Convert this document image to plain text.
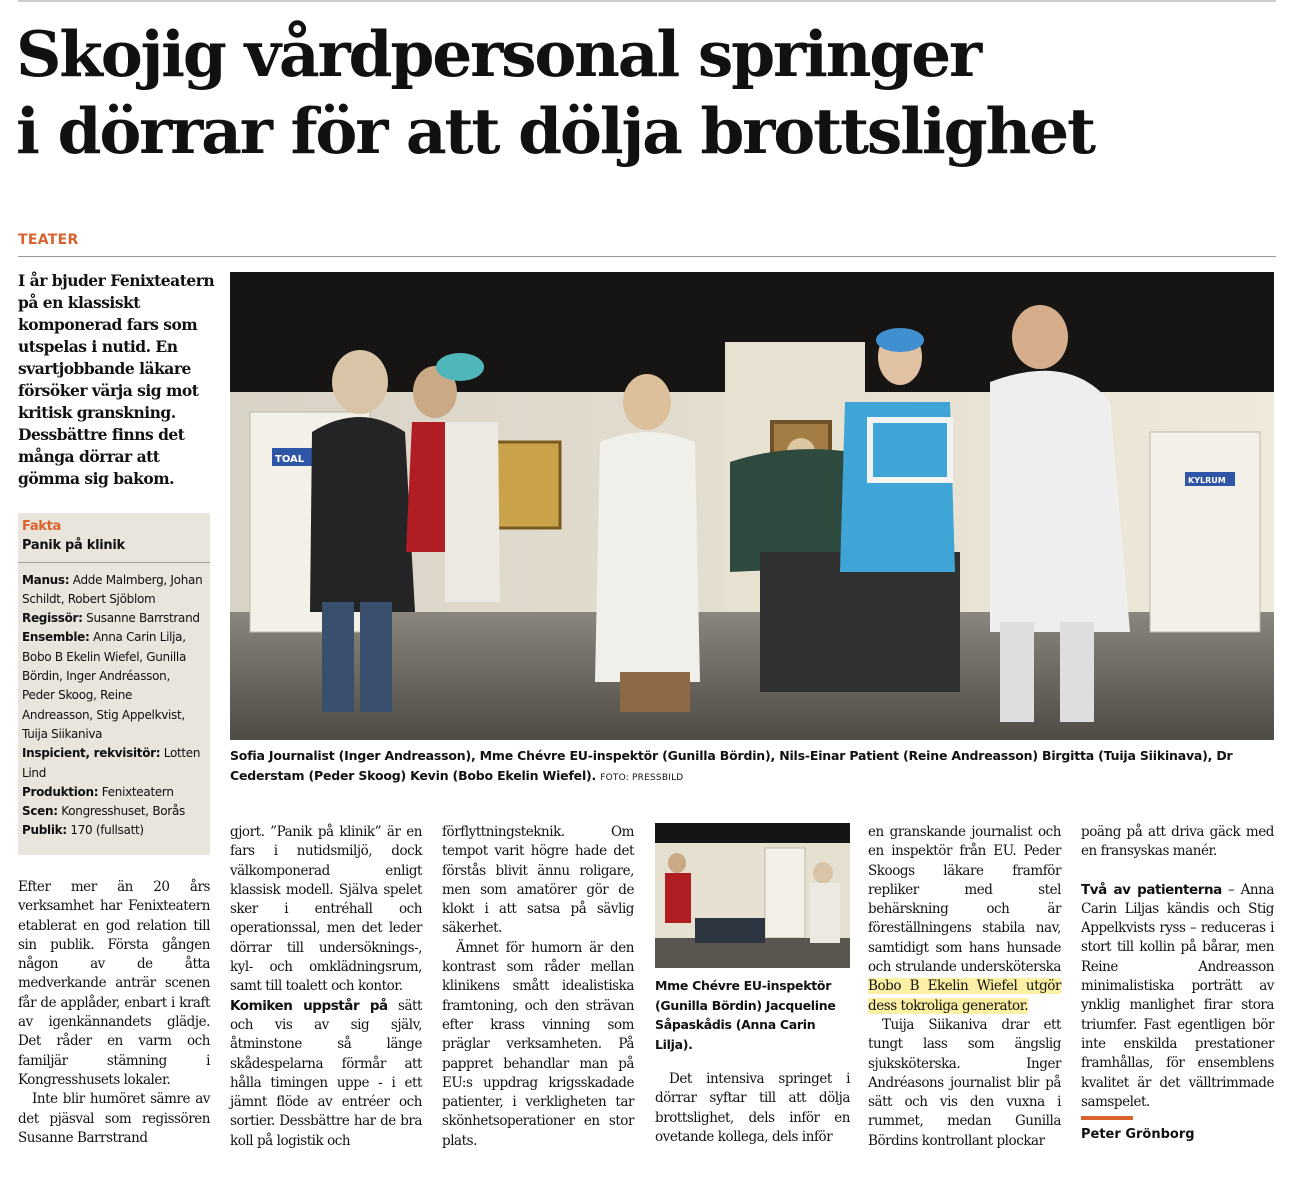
Skojig vårdpersonal springer
i dörrar för att dölja brottslighet
TEATER

I år bjuder Fenixteatern på en klassiskt komponerad fars som utspelas i nutid. En svartjobbande läkare försöker värja sig mot kritisk granskning. Dessbättre finns det många dörrar att gömma sig bakom.

Fakta
Panik på klinik
Manus: Adde Malmberg, Johan Schildt, Robert Sjöblom
Regissör: Susanne Barrstrand
Ensemble: Anna Carin Lilja, Bobo B Ekelin Wiefel, Gunilla Bördin, Inger Andréasson, Peder Skoog, Reine Andreasson, Stig Appelkvist, Tuija Siikaniva
Inspicient, rekvisitör: Lotten Lind
Produktion: Fenixteatern
Scen: Kongresshuset, Borås
Publik: 170 (fullsatt)
TOAL
KYLRUM

Sofia Journalist (Inger Andreasson), Mme Chévre EU-inspektör (Gunilla Bördin), Nils-Einar Patient (Reine Andreasson) Birgitta (Tuija Siikinava), Dr Cederstam (Peder Skoog) Kevin (Bobo Ekelin Wiefel). FOTO: PRESSBILD

Efter mer än 20 års verksamhet har Fenixteatern etablerat en god relation till sin publik. Första gången någon av de åtta medverkande anträr scenen får de applåder, enbart i kraft av igenkännandets glädje. Det råder en varm och familjär stämning i Kongresshusets lokaler.

Inte blir humöret sämre av det pjäsval som regissören Susanne Barrstrand

gjort. ”Panik på klinik” är en fars i nutidsmiljö, dock välkomponerad enligt klassisk modell. Själva spelet sker i entréhall och operationssal, men det leder dörrar till undersöknings-, kyl- och omklädningsrum, samt till toalett och kontor.

Komiken uppstår på sätt och vis av sig själv, åtminstone så länge skådespelarna förmår att hålla timingen uppe - i ett jämnt flöde av entréer och sortier. Dessbättre har de bra koll på logistik och

förflyttningsteknik. Om tempot varit högre hade det förstås blivit ännu roligare, men som amatörer gör de klokt i att satsa på sävlig säkerhet.

Ämnet för humorn är den kontrast som råder mellan klinikens smått idealistiska framtoning, och den strävan efter krass vinning som präglar verksamheten. På pappret behandlar man på EU:s uppdrag krigsskadade patienter, i verkligheten tar skönhetsoperationer en stor plats.

Mme Chévre EU-inspektör (Gunilla Bördin) Jacqueline Såpaskådis (Anna Carin Lilja).

Det intensiva springet i dörrar syftar till att dölja brottslighet, dels inför en ovetande kollega, dels inför

en granskande journalist och en inspektör från EU. Peder Skoogs läkare framför repliker med stel behärskning och är föreställningens stabila nav, samtidigt som hans hunsade och strulande undersköterska Bobo B Ekelin Wiefel utgör dess tokroliga generator.

Tuija Siikaniva drar ett tungt lass som ängslig sjuksköterska. Inger Andréasons journalist blir på sätt och vis den vuxna i rummet, medan Gunilla Bördins kontrollant plockar

poäng på att driva gäck med en fransyskas manér.

Två av patienterna – Anna Carin Liljas kändis och Stig Appelkvists ryss – reduceras i stort till kollin på bårar, men Reine Andreasson minimalistiska porträtt av ynklig manlighet firar stora triumfer. Fast egentligen bör inte enskilda prestationer framhållas, för ensemblens kvalitet är det välltrimmade samspelet.

Peter Grönborg
